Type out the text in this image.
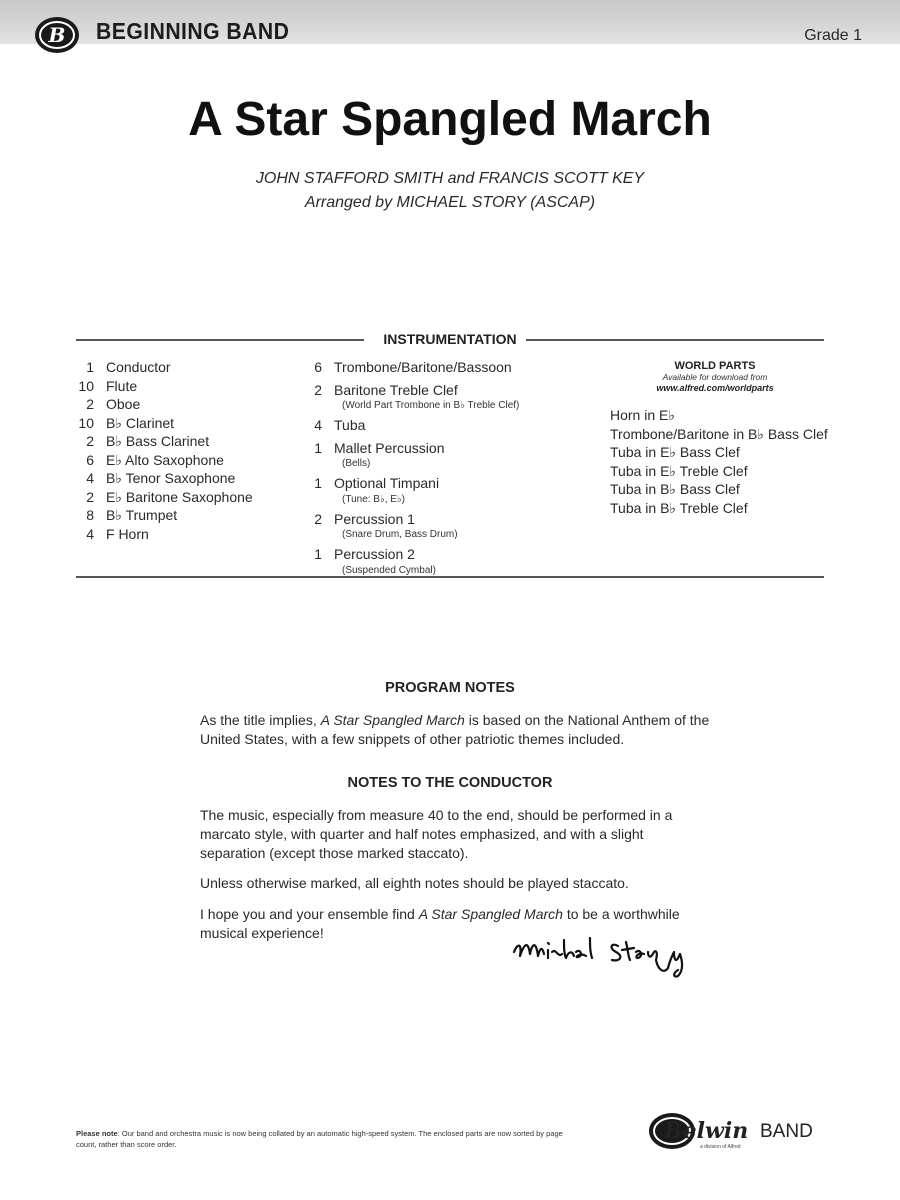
B BEGINNING BAND	Grade 1
A Star Spangled March
JOHN STAFFORD SMITH and FRANCIS SCOTT KEY
Arranged by MICHAEL STORY (ASCAP)
INSTRUMENTATION
1 Conductor
10 Flute
2 Oboe
10 B♭ Clarinet
2 B♭ Bass Clarinet
6 E♭ Alto Saxophone
4 B♭ Tenor Saxophone
2 E♭ Baritone Saxophone
8 B♭ Trumpet
4 F Horn
6 Trombone/Baritone/Bassoon
2 Baritone Treble Clef
(World Part Trombone in B♭ Treble Clef)
4 Tuba
1 Mallet Percussion
(Bells)
1 Optional Timpani
(Tune: B♭, E♭)
2 Percussion 1
(Snare Drum, Bass Drum)
1 Percussion 2
(Suspended Cymbal)
WORLD PARTS
Available for download from
www.alfred.com/worldparts
Horn in E♭
Trombone/Baritone in B♭ Bass Clef
Tuba in E♭ Bass Clef
Tuba in E♭ Treble Clef
Tuba in B♭ Bass Clef
Tuba in B♭ Treble Clef
PROGRAM NOTES
As the title implies, A Star Spangled March is based on the National Anthem of the United States, with a few snippets of other patriotic themes included.
NOTES TO THE CONDUCTOR
The music, especially from measure 40 to the end, should be performed in a marcato style, with quarter and half notes emphasized, and with a slight separation (except those marked staccato).
Unless otherwise marked, all eighth notes should be played staccato.
I hope you and your ensemble find A Star Spangled March to be a worthwhile musical experience!
Please note: Our band and orchestra music is now being collated by an automatic high-speed system. The enclosed parts are now sorted by page count, rather than score order.
Belwin BAND
a division of Alfred
